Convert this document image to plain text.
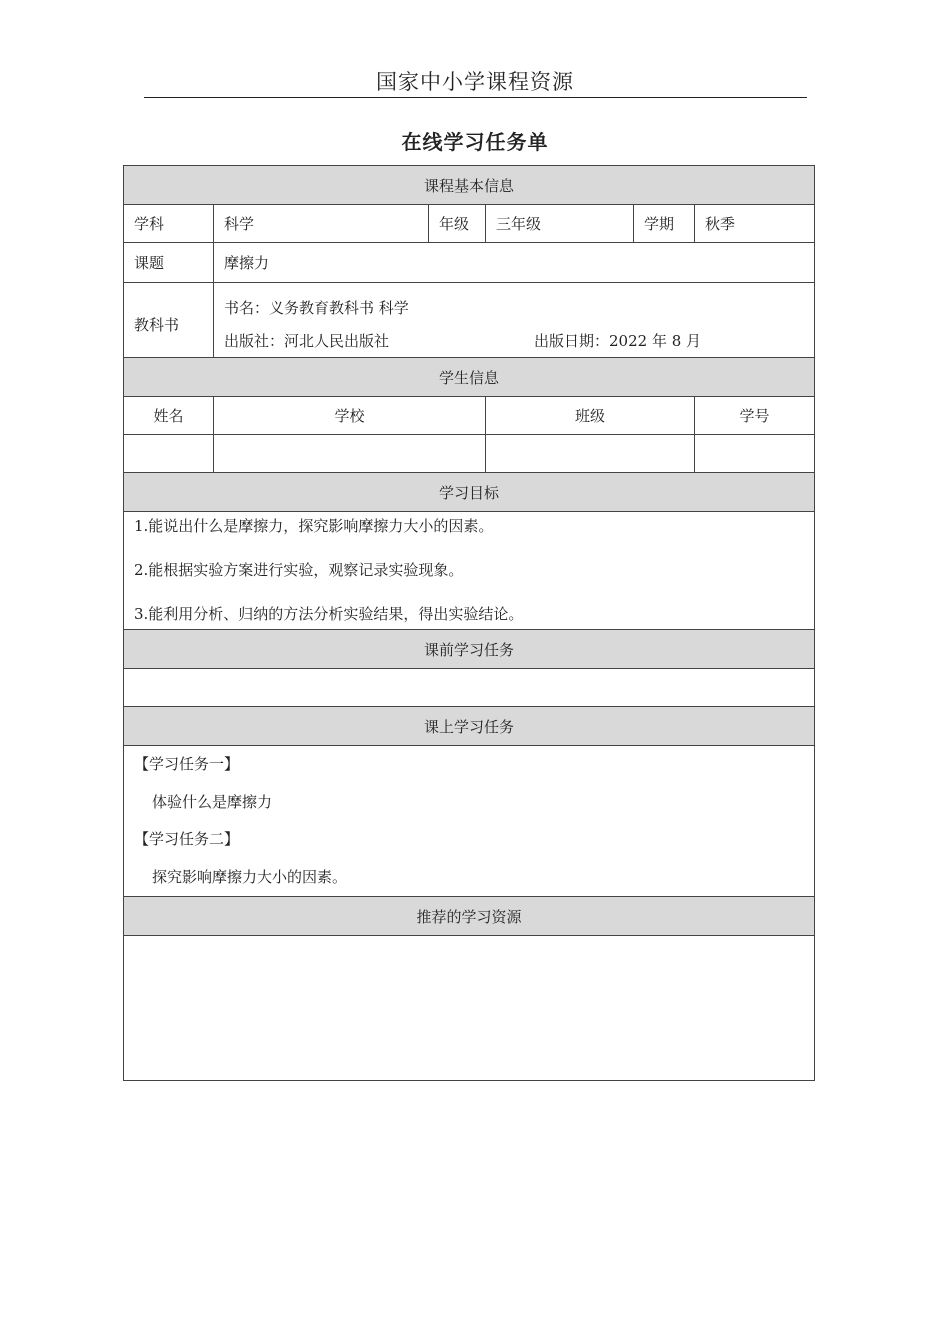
国家中小学课程资源
在线学习任务单
课程基本信息					
学科	科学	年级	三年级	学期	秋季
课题	摩擦力				

教科书	书名：义务教育教科书 科学
出版社：河北人民出版社 出版日期：2022 年 8 月				

学生信息					
姓名	学校		班级		学号

学习目标					

1.能说出什么是摩擦力，探究影响摩擦力大小的因素。

2.能根据实验方案进行实验，观察记录实验现象。

3.能利用分析、归纳的方法分析实验结果，得出实验结论。					

课前学习任务					

课上学习任务					

【学习任务一】

体验什么是摩擦力

【学习任务二】

探究影响摩擦力大小的因素。					

推荐的学习资源					
